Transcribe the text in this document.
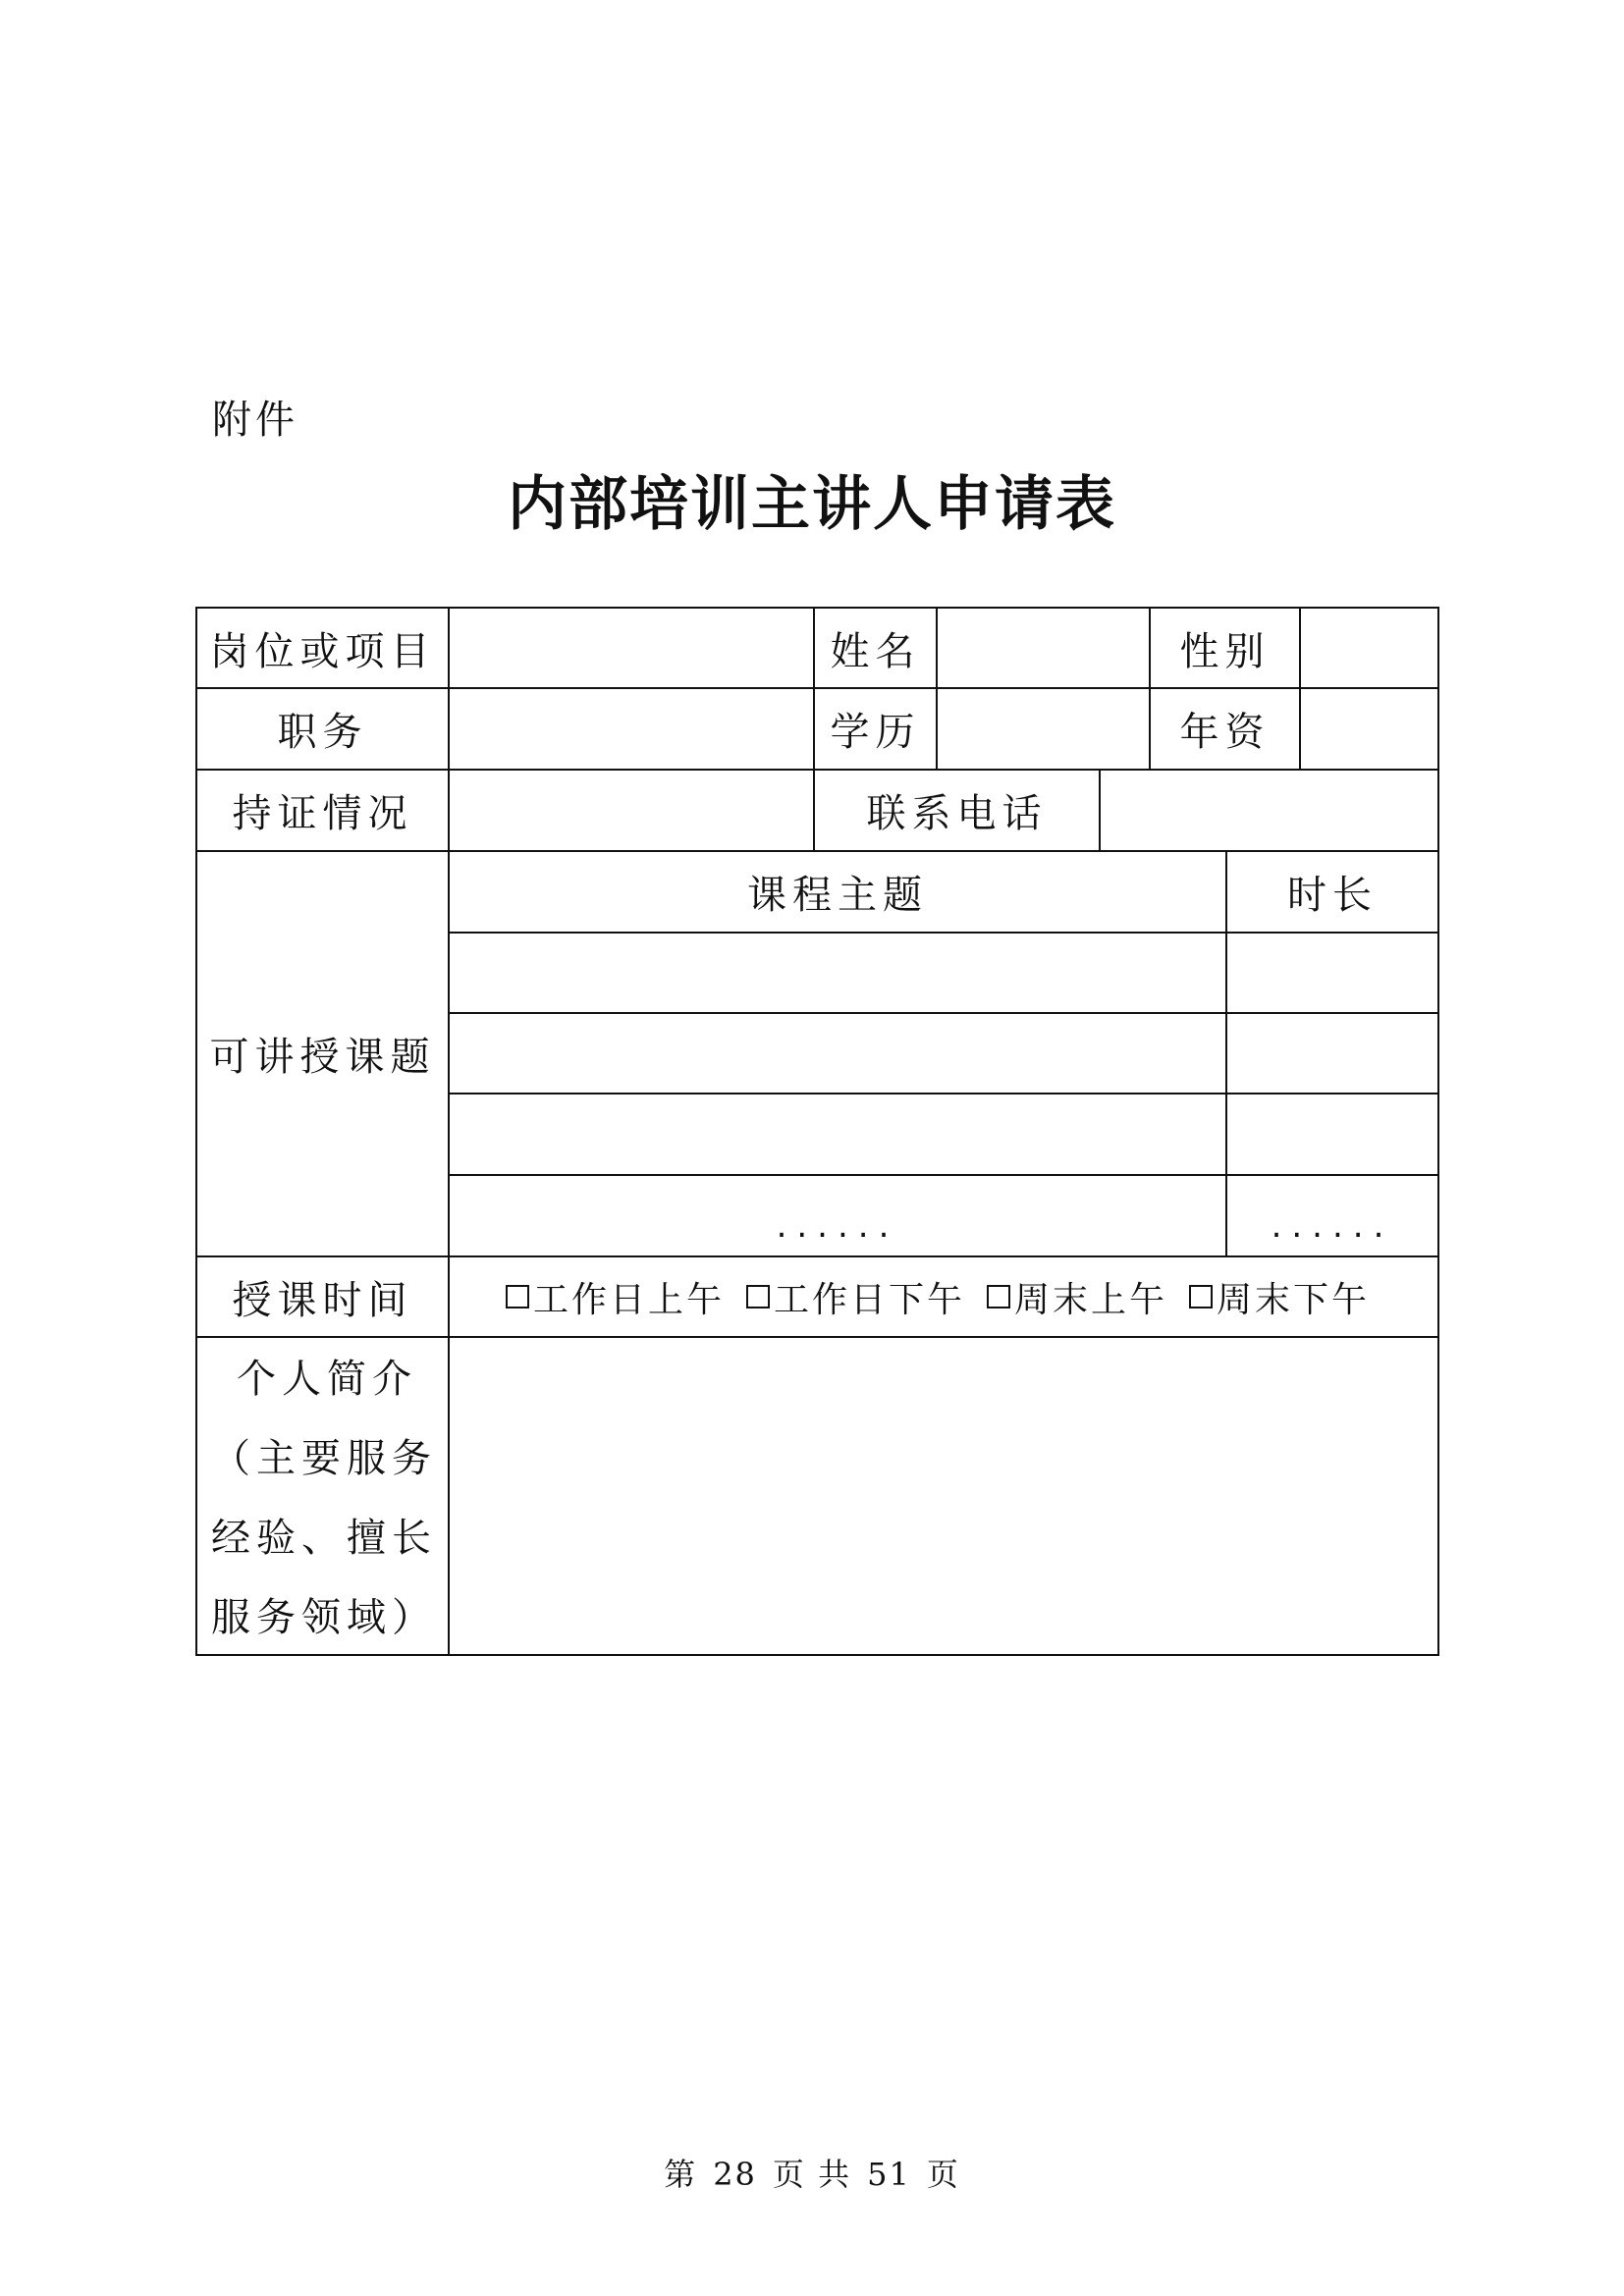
附件
内部培训主讲人申请表
岗位或项目	姓名	性别
职务	学历	年资
持证情况	联系电话
可讲授课题
课程主题	时长
......	......
授课时间	工作日上午 工作日下午 周末上午 周末下午
个人简介
（主要服务
经验、擅长
服务领域）
第 28 页 共 51 页
